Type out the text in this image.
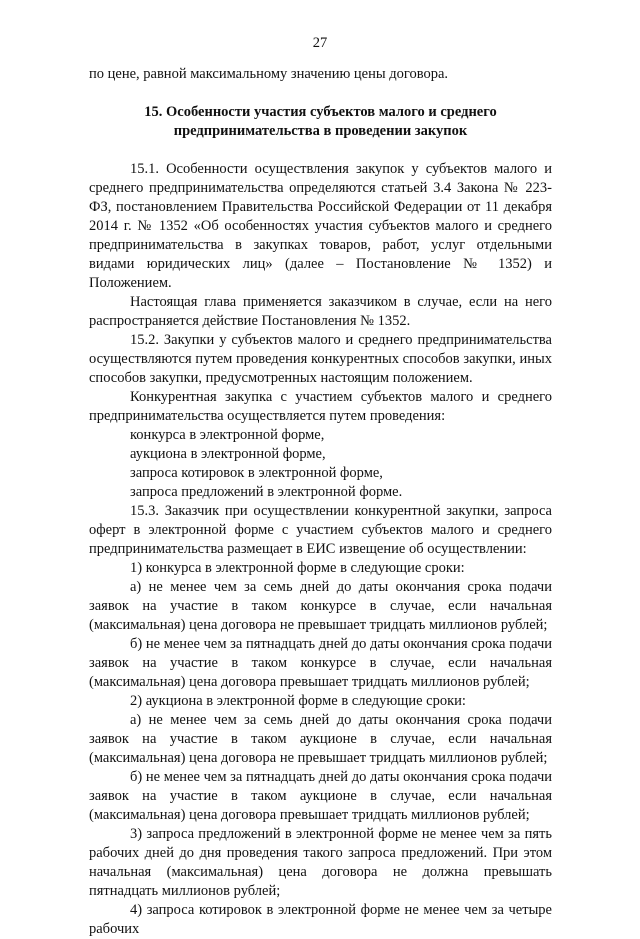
27

по цене, равной максимальному значению цены договора.

15. Особенности участия субъектов малого и среднего
предпринимательства в проведении закупок

15.1. Особенности осуществления закупок у субъектов малого и среднего предпринимательства определяются статьей 3.4 Закона № 223-ФЗ, постановлением Правительства Российской Федерации от 11 декабря 2014 г. № 1352 «Об особенностях участия субъектов малого и среднего предпринимательства в закупках товаров, работ, услуг отдельными видами юридических лиц» (далее – Постановление № 1352) и Положением.

Настоящая глава применяется заказчиком в случае, если на него распространяется действие Постановления № 1352.

15.2. Закупки у субъектов малого и среднего предпринимательства осуществляются путем проведения конкурентных способов закупки, иных способов закупки, предусмотренных настоящим положением.

Конкурентная закупка с участием субъектов малого и среднего предпринимательства осуществляется путем проведения:

конкурса в электронной форме,

аукциона в электронной форме,

запроса котировок в электронной форме,

запроса предложений в электронной форме.

15.3. Заказчик при осуществлении конкурентной закупки, запроса оферт в электронной форме с участием субъектов малого и среднего предпринимательства размещает в ЕИС извещение об осуществлении:

1) конкурса в электронной форме в следующие сроки:

а) не менее чем за семь дней до даты окончания срока подачи заявок на участие в таком конкурсе в случае, если начальная (максимальная) цена договора не превышает тридцать миллионов рублей;

б) не менее чем за пятнадцать дней до даты окончания срока подачи заявок на участие в таком конкурсе в случае, если начальная (максимальная) цена договора превышает тридцать миллионов рублей;

2) аукциона в электронной форме в следующие сроки:

а) не менее чем за семь дней до даты окончания срока подачи заявок на участие в таком аукционе в случае, если начальная (максимальная) цена договора не превышает тридцать миллионов рублей;

б) не менее чем за пятнадцать дней до даты окончания срока подачи заявок на участие в таком аукционе в случае, если начальная (максимальная) цена договора превышает тридцать миллионов рублей;

3) запроса предложений в электронной форме не менее чем за пять рабочих дней до дня проведения такого запроса предложений. При этом начальная (максимальная) цена договора не должна превышать пятнадцать миллионов рублей;

4) запроса котировок в электронной форме не менее чем за четыре рабочих
